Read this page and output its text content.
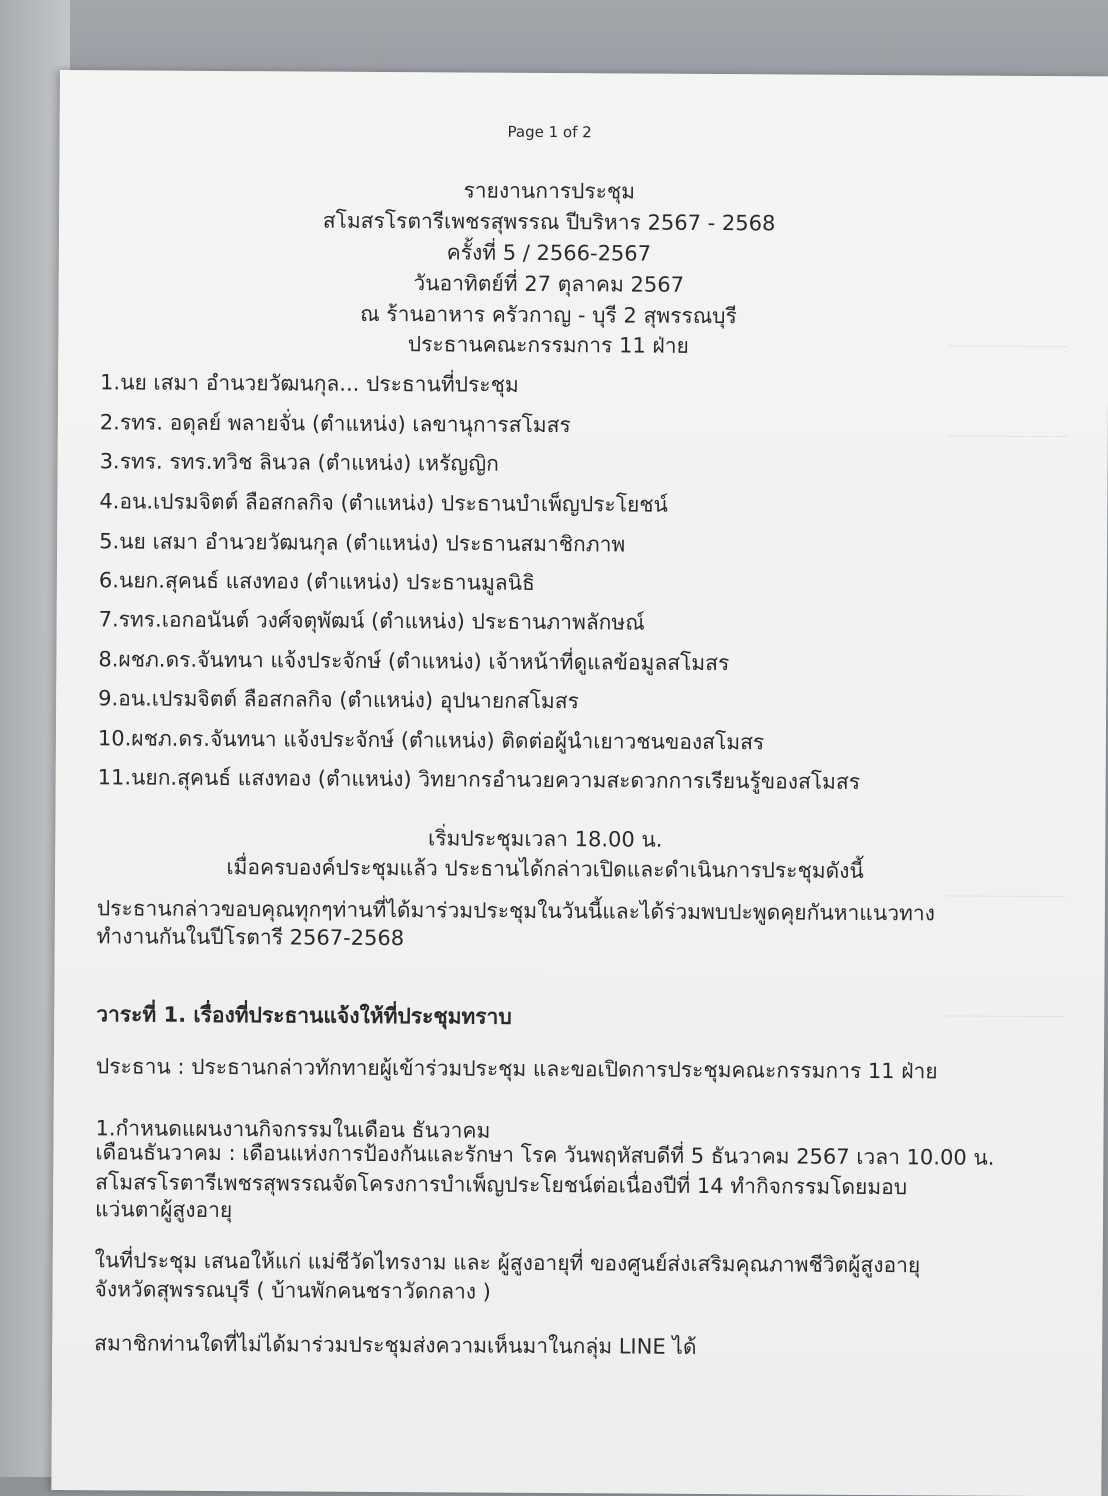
Page 1 of 2
รายงานการประชุม
สโมสรโรตารีเพชรสุพรรณ ปีบริหาร 2567 - 2568
ครั้งที่ 5 / 2566-2567
วันอาทิตย์ที่ 27 ตุลาคม 2567
ณ ร้านอาหาร ครัวกาญ - บุรี 2 สุพรรณบุรี
ประธานคณะกรรมการ 11 ฝ่าย
1.นย เสมา อำนวยวัฒนกุล... ประธานที่ประชุม
2.รทร. อดุลย์ พลายจั่น (ตำแหน่ง) เลขานุการสโมสร
3.รทร. รทร.ทวิช ลินวล (ตำแหน่ง) เหรัญญิก
4.อน.เปรมจิตต์ ลือสกลกิจ (ตำแหน่ง) ประธานบำเพ็ญประโยชน์
5.นย เสมา อำนวยวัฒนกุล (ตำแหน่ง) ประธานสมาชิกภาพ
6.นยก.สุคนธ์ แสงทอง (ตำแหน่ง) ประธานมูลนิธิ
7.รทร.เอกอนันต์ วงศ์จตุพัฒน์ (ตำแหน่ง) ประธานภาพลักษณ์
8.ผชภ.ดร.จันทนา แจ้งประจักษ์ (ตำแหน่ง) เจ้าหน้าที่ดูแลข้อมูลสโมสร
9.อน.เปรมจิตต์ ลือสกลกิจ (ตำแหน่ง) อุปนายกสโมสร
10.ผชภ.ดร.จันทนา แจ้งประจักษ์ (ตำแหน่ง) ติดต่อผู้นำเยาวชนของสโมสร
11.นยก.สุคนธ์ แสงทอง (ตำแหน่ง) วิทยากรอำนวยความสะดวกการเรียนรู้ของสโมสร
เริ่มประชุมเวลา 18.00 น.
เมื่อครบองค์ประชุมแล้ว ประธานได้กล่าวเปิดและดำเนินการประชุมดังนี้
ประธานกล่าวขอบคุณทุกๆท่านที่ได้มาร่วมประชุมในวันนี้และได้ร่วมพบปะพูดคุยกันหาแนวทาง
ทำงานกันในปีโรตารี 2567-2568
วาระที่ 1. เรื่องที่ประธานแจ้งให้ที่ประชุมทราบ
ประธาน : ประธานกล่าวทักทายผู้เข้าร่วมประชุม และขอเปิดการประชุมคณะกรรมการ 11 ฝ่าย
1.กำหนดแผนงานกิจกรรมในเดือน ธันวาคม
เดือนธันวาคม : เดือนแห่งการป้องกันและรักษา โรค วันพฤหัสบดีที่ 5 ธันวาคม 2567 เวลา 10.00 น.
สโมสรโรตารีเพชรสุพรรณจัดโครงการบำเพ็ญประโยชน์ต่อเนื่องปีที่ 14 ทำกิจกรรมโดยมอบ
แว่นตาผู้สูงอายุ
ในที่ประชุม เสนอให้แก่ แม่ชีวัดไทรงาม และ ผู้สูงอายุที่ ของศูนย์ส่งเสริมคุณภาพชีวิตผู้สูงอายุ
จังหวัดสุพรรณบุรี ( บ้านพักคนชราวัดกลาง )
สมาชิกท่านใดที่ไม่ได้มาร่วมประชุมส่งความเห็นมาในกลุ่ม LINE ได้
